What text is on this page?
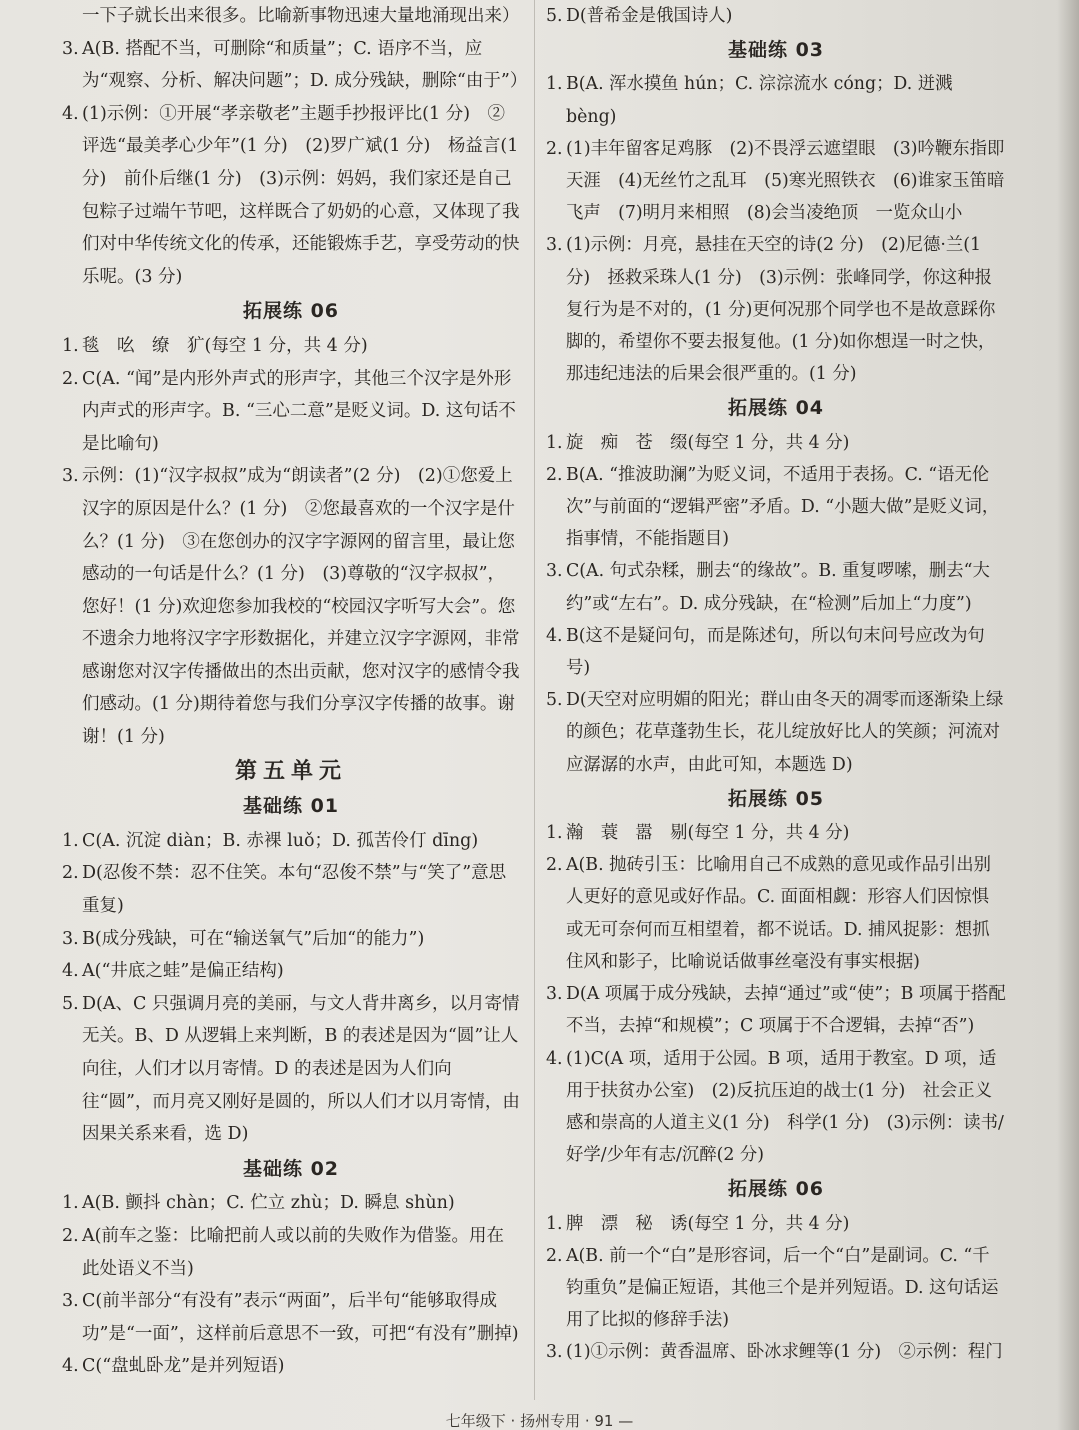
一下子就长出来很多。比喻新事物迅速大量地涌现出来）
3. A(B. 搭配不当，可删除“和质量”；C. 语序不当，应为“观察、分析、解决问题”；D. 成分残缺，删除“由于”）
4. (1)示例：①开展“孝亲敬老”主题手抄报评比(1 分)　②评选“最美孝心少年”(1 分)　(2)罗广斌(1 分)　杨益言(1 分)　前仆后继(1 分)　(3)示例：妈妈，我们家还是自己包粽子过端午节吧，这样既合了奶奶的心意，又体现了我们对中华传统文化的传承，还能锻炼手艺，享受劳动的快乐呢。(3 分)
拓展练 06
1. 毯　吆　缭　犷(每空 1 分，共 4 分)
2. C(A. “闻”是内形外声式的形声字，其他三个汉字是外形内声式的形声字。B. “三心二意”是贬义词。D. 这句话不是比喻句)
3. 示例：(1)“汉字叔叔”成为“朗读者”(2 分)　(2)①您爱上汉字的原因是什么？(1 分)　②您最喜欢的一个汉字是什么？(1 分)　③在您创办的汉字字源网的留言里，最让您感动的一句话是什么？(1 分)　(3)尊敬的“汉字叔叔”，您好！(1 分)欢迎您参加我校的“校园汉字听写大会”。您不遗余力地将汉字字形数据化，并建立汉字字源网，非常感谢您对汉字传播做出的杰出贡献，您对汉字的感情令我们感动。(1 分)期待着您与我们分享汉字传播的故事。谢谢！(1 分)
第五单元
基础练 01
1. C(A. 沉淀 diàn；B. 赤裸 luǒ；D. 孤苦伶仃 dīng)
2. D(忍俊不禁：忍不住笑。本句“忍俊不禁”与“笑了”意思重复)
3. B(成分残缺，可在“输送氧气”后加“的能力”)
4. A(“井底之蛙”是偏正结构)
5. D(A、C 只强调月亮的美丽，与文人背井离乡，以月寄情无关。B、D 从逻辑上来判断，B 的表述是因为“圆”让人向往，人们才以月寄情。D 的表述是因为人们向往“圆”，而月亮又刚好是圆的，所以人们才以月寄情，由因果关系来看，选 D)
基础练 02
1. A(B. 颤抖 chàn；C. 伫立 zhù；D. 瞬息 shùn)
2. A(前车之鉴：比喻把前人或以前的失败作为借鉴。用在此处语义不当)
3. C(前半部分“有没有”表示“两面”，后半句“能够取得成功”是“一面”，这样前后意思不一致，可把“有没有”删掉)
4. C(“盘虬卧龙”是并列短语)
5. D(普希金是俄国诗人)
基础练 03
1. B(A. 浑水摸鱼 hún；C. 淙淙流水 cóng；D. 迸溅 bèng)
2. (1)丰年留客足鸡豚　(2)不畏浮云遮望眼　(3)吟鞭东指即天涯　(4)无丝竹之乱耳　(5)寒光照铁衣　(6)谁家玉笛暗飞声　(7)明月来相照　(8)会当凌绝顶　一览众山小
3. (1)示例：月亮，悬挂在天空的诗(2 分)　(2)尼德·兰(1 分)　拯救采珠人(1 分)　(3)示例：张峰同学，你这种报复行为是不对的，(1 分)更何况那个同学也不是故意踩你脚的，希望你不要去报复他。(1 分)如你想逞一时之快，那违纪违法的后果会很严重的。(1 分)
拓展练 04
1. 旋　痴　苍　缀(每空 1 分，共 4 分)
2. B(A. “推波助澜”为贬义词，不适用于表扬。C. “语无伦次”与前面的“逻辑严密”矛盾。D. “小题大做”是贬义词，指事情，不能指题目)
3. C(A. 句式杂糅，删去“的缘故”。B. 重复啰嗦，删去“大约”或“左右”。D. 成分残缺，在“检测”后加上“力度”)
4. B(这不是疑问句，而是陈述句，所以句末问号应改为句号)
5. D(天空对应明媚的阳光；群山由冬天的凋零而逐渐染上绿的颜色；花草蓬勃生长，花儿绽放好比人的笑颜；河流对应潺潺的水声，由此可知，本题选 D)
拓展练 05
1. 瀚　蓑　嚣　剔(每空 1 分，共 4 分)
2. A(B. 抛砖引玉：比喻用自己不成熟的意见或作品引出别人更好的意见或好作品。C. 面面相觑：形容人们因惊惧或无可奈何而互相望着，都不说话。D. 捕风捉影：想抓住风和影子，比喻说话做事丝毫没有事实根据)
3. D(A 项属于成分残缺，去掉“通过”或“使”；B 项属于搭配不当，去掉“和规模”；C 项属于不合逻辑，去掉“否”)
4. (1)C(A 项，适用于公园。B 项，适用于教室。D 项，适用于扶贫办公室)　(2)反抗压迫的战士(1 分)　社会正义感和崇高的人道主义(1 分)　科学(1 分)　(3)示例：读书/好学/少年有志/沉醉(2 分)
拓展练 06
1. 脾　漂　秘　诱(每空 1 分，共 4 分)
2. A(B. 前一个“白”是形容词，后一个“白”是副词。C. “千钧重负”是偏正短语，其他三个是并列短语。D. 这句话运用了比拟的修辞手法)
3. (1)①示例：黄香温席、卧冰求鲤等(1 分)　②示例：程门
七年级下 · 扬州专用 · 91 —
